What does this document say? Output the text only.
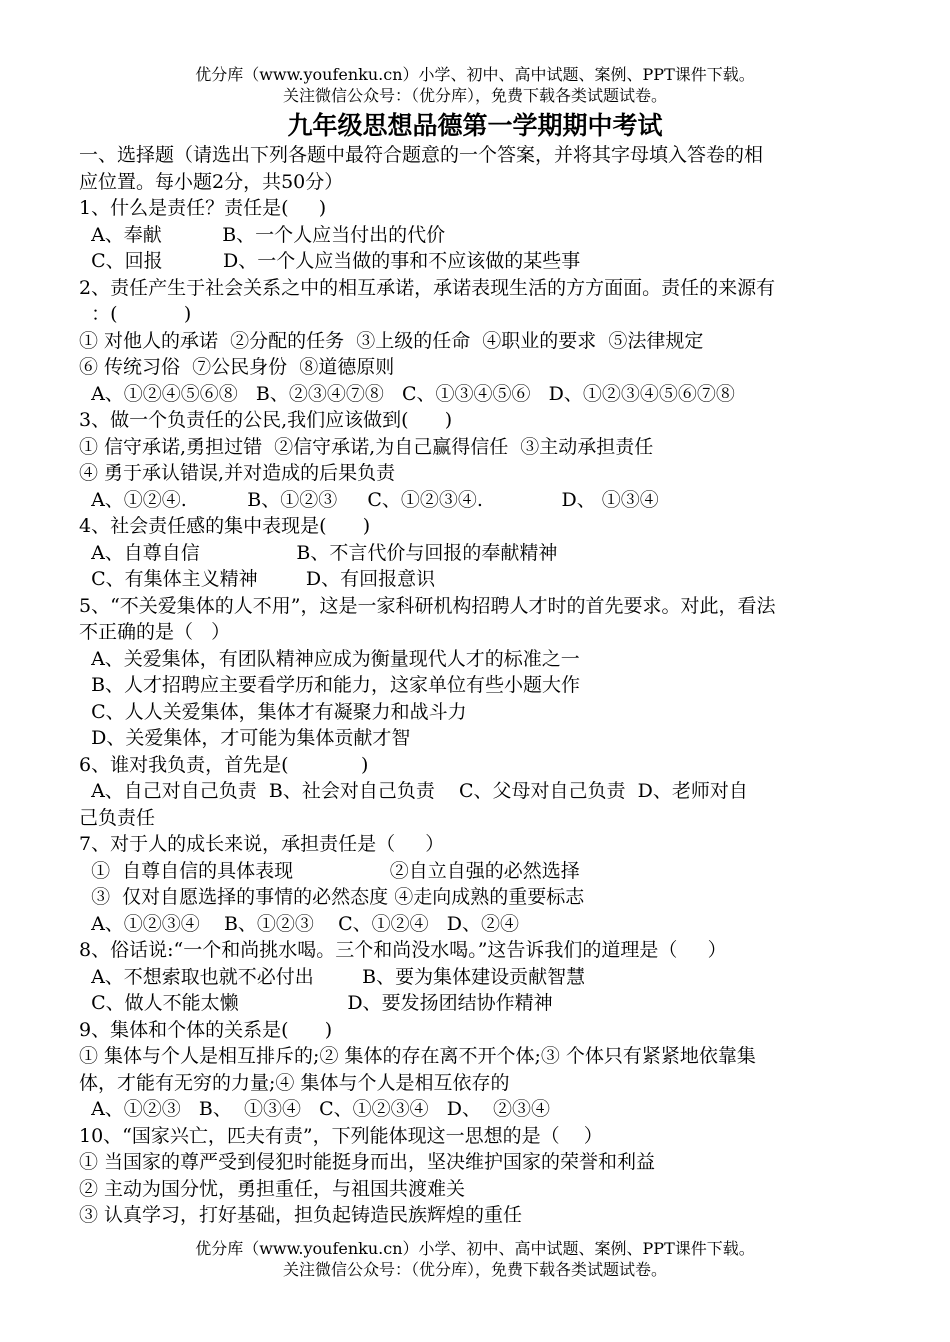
优分库（www.youfenku.cn）小学、初中、高中试题、案例、PPT课件下载。
关注微信公众号：（优分库），免费下载各类试题试卷。
九年级思想品德第一学期期中考试
一、选择题（请选出下列各题中最符合题意的一个答案，并将其字母填入答卷的相
应位置。每小题2分，共50分）
1、什么是责任？责任是(     )
A、奉献          B、一个人应当付出的代价
C、回报          D、一个人应当做的事和不应该做的某些事
2、责任产生于社会关系之中的相互承诺，承诺表现生活的方方面面。责任的来源有
：(           )
① 对他人的承诺  ②分配的任务  ③上级的任命  ④职业的要求  ⑤法律规定
⑥ 传统习俗  ⑦公民身份  ⑧道德原则
A、①②④⑤⑥⑧   B、②③④⑦⑧   C、①③④⑤⑥   D、①②③④⑤⑥⑦⑧
3、做一个负责任的公民,我们应该做到(      )
① 信守承诺,勇担过错  ②信守承诺,为自己赢得信任  ③主动承担责任
④ 勇于承认错误,并对造成的后果负责
A、①②④.          B、①②③     C、①②③④.             D、 ①③④
4、社会责任感的集中表现是(      )
A、自尊自信                B、不言代价与回报的奉献精神
C、有集体主义精神        D、有回报意识
5、“不关爱集体的人不用”，这是一家科研机构招聘人才时的首先要求。对此，看法
不正确的是（   ）
A、关爱集体，有团队精神应成为衡量现代人才的标准之一
B、人才招聘应主要看学历和能力，这家单位有些小题大作
C、人人关爱集体，集体才有凝聚力和战斗力
D、关爱集体，才可能为集体贡献才智
6、谁对我负责，首先是(            )
A、自己对自己负责  B、社会对自己负责    C、父母对自己负责  D、老师对自
己负责任
7、对于人的成长来说，承担责任是（     ）
①  自尊自信的具体表现                ②自立自强的必然选择
③  仅对自愿选择的事情的必然态度 ④走向成熟的重要标志
A、①②③④    B、①②③    C、①②④   D、②④
8、俗话说:“一个和尚挑水喝。三个和尚没水喝。”这告诉我们的道理是（     ）
A、不想索取也就不必付出        B、要为集体建设贡献智慧
C、做人不能太懒                  D、要发扬团结协作精神
9、集体和个体的关系是(      )
① 集体与个人是相互排斥的;② 集体的存在离不开个体;③ 个体只有紧紧地依靠集
体，才能有无穷的力量;④ 集体与个人是相互依存的
A、①②③   B、  ①③④   C、①②③④   D、  ②③④
10、“国家兴亡，匹夫有责”，下列能体现这一思想的是（    ）
① 当国家的尊严受到侵犯时能挺身而出，坚决维护国家的荣誉和利益
② 主动为国分忧，勇担重任，与祖国共渡难关
③ 认真学习，打好基础，担负起铸造民族辉煌的重任
优分库（www.youfenku.cn）小学、初中、高中试题、案例、PPT课件下载。
关注微信公众号：（优分库），免费下载各类试题试卷。
